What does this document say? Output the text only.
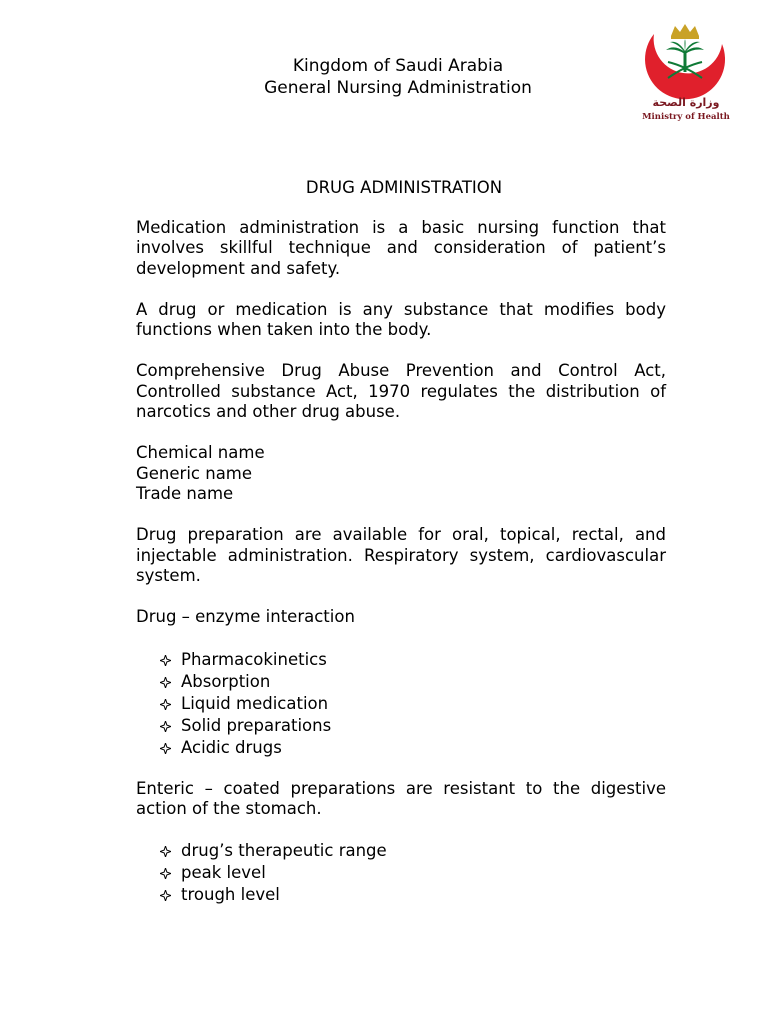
Kingdom of Saudi Arabia
General Nursing Administration
وزارة الصحة
Ministry of Health
DRUG ADMINISTRATION

Medication administration is a basic nursing function that involves skillful technique and consideration of patient’s development and safety.

A drug or medication is any substance that modifies body functions when taken into the body.

Comprehensive Drug Abuse Prevention and Control Act, Controlled substance Act, 1970 regulates the distribution of narcotics and other drug abuse.

Chemical name
Generic name
Trade name

Drug preparation are available for oral, topical, rectal, and injectable administration. Respiratory system, cardiovascular system.

Drug – enzyme interaction

Pharmacokinetics
Absorption
Liquid medication
Solid preparations
Acidic drugs

Enteric – coated preparations are resistant to the digestive action of the stomach.

drug’s therapeutic range
peak level
trough level
